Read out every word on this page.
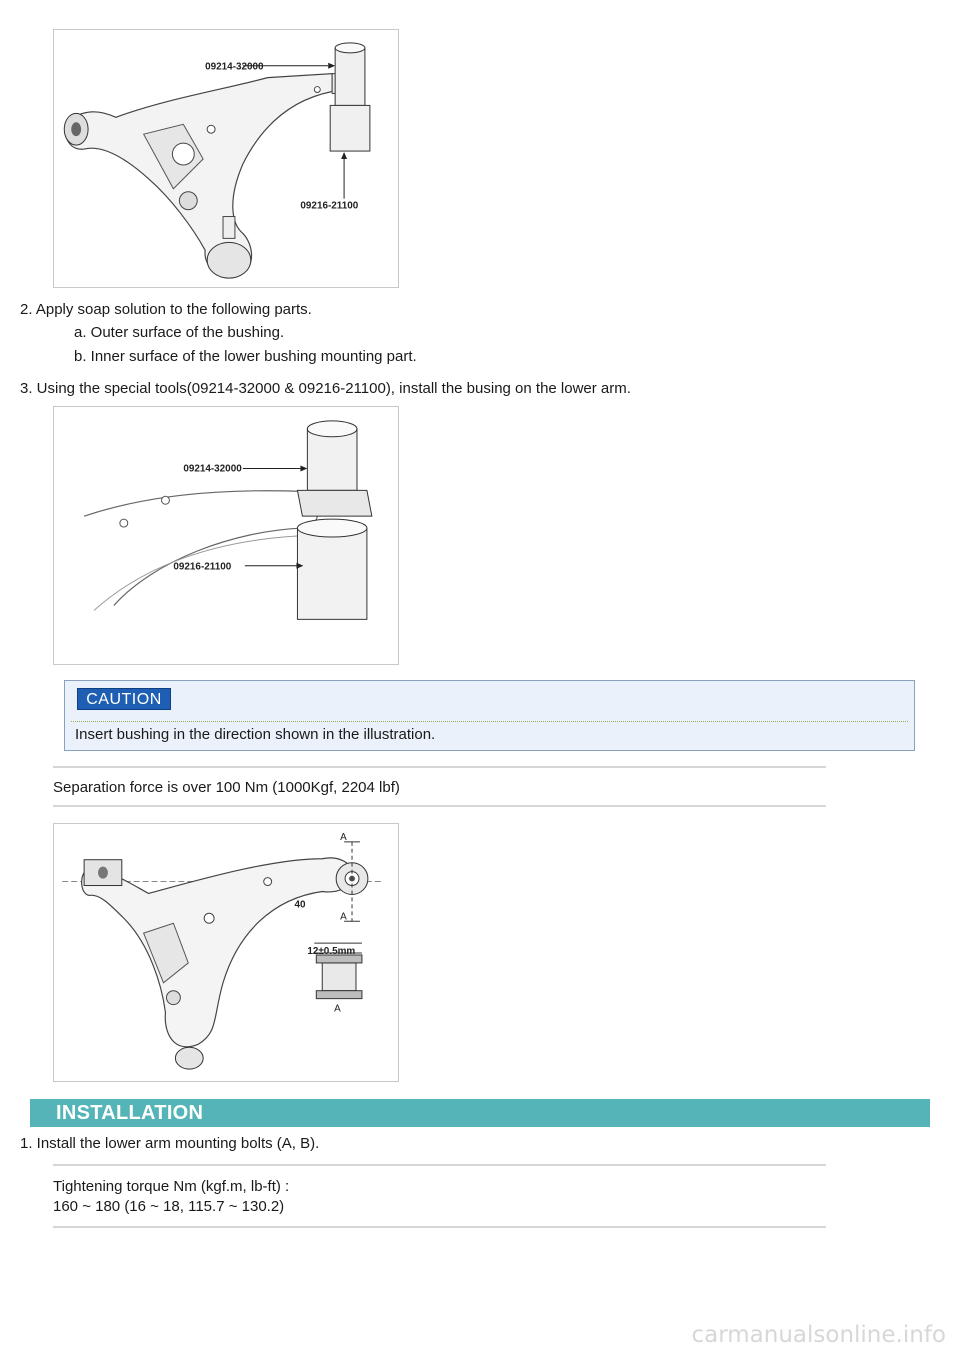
09214-32000
09216-21100
2. Apply soap solution to the following parts.
a. Outer surface of the bushing.
b. Inner surface of the lower bushing mounting part.
3. Using the special tools(09214-32000 & 09216-21100), install the busing on the lower arm.
09214-32000
09216-21100
CAUTION
Insert bushing in the direction shown in the illustration.
Separation force is over 100 Nm (1000Kgf, 2204 lbf)
A
A
A
40
12±0.5mm
INSTALLATION
1. Install the lower arm mounting bolts (A, B).
Tightening torque Nm (kgf.m, lb-ft) :
160 ~ 180 (16 ~ 18, 115.7 ~ 130.2)
carmanualsonline.info
